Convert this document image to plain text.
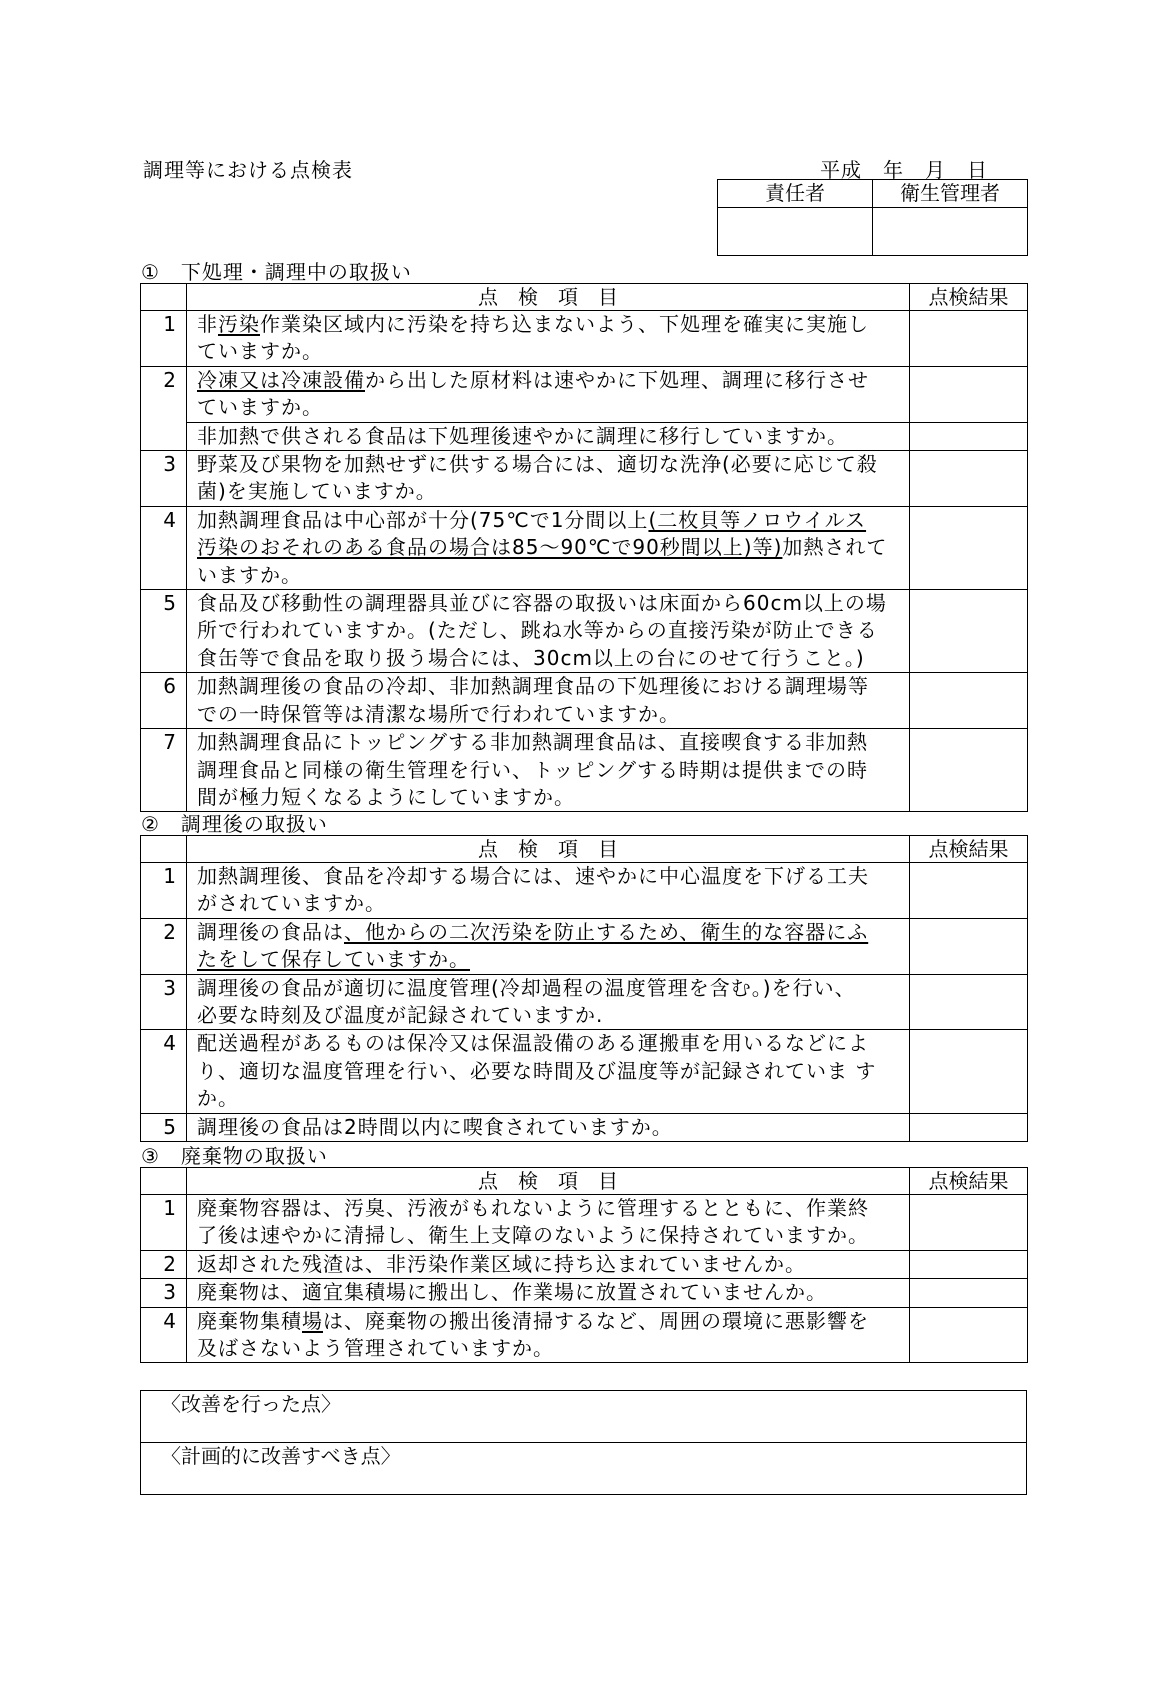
調理等における点検表	平成　年　月　日
責任者	衛生管理者

①　下処理・調理中の取扱い
	点　検　項　目	点検結果
1	非汚染作業染区域内に汚染を持ち込まないよう、下処理を確実に実施し
ていますか。	

2	冷凍又は冷凍設備から出した原材料は速やかに下処理、調理に移行させ
ていますか。	

	非加熱で供される食品は下処理後速やかに調理に移行していますか。	

3	野菜及び果物を加熱せずに供する場合には、適切な洗浄(必要に応じて殺
菌)を実施していますか。	

4	加熱調理食品は中心部が十分(75℃で1分間以上(二枚貝等ノロウイルス
汚染のおそれのある食品の場合は85～90℃で90秒間以上)等)加熱されて
いますか。	

5	食品及び移動性の調理器具並びに容器の取扱いは床面から60cm以上の場
所で行われていますか。(ただし、跳ね水等からの直接汚染が防止できる
食缶等で食品を取り扱う場合には、30cm以上の台にのせて行うこと。)	

6	加熱調理後の食品の冷却、非加熱調理食品の下処理後における調理場等
での一時保管等は清潔な場所で行われていますか。	

7	加熱調理食品にトッピングする非加熱調理食品は、直接喫食する非加熱
調理食品と同様の衛生管理を行い、トッピングする時期は提供までの時
間が極力短くなるようにしていますか。	

②　調理後の取扱い
	点　検　項　目	点検結果
1	加熱調理後、食品を冷却する場合には、速やかに中心温度を下げる工夫
がされていますか。	

2	調理後の食品は、他からの二次汚染を防止するため、衛生的な容器にふ
たをして保存していますか。	

3	調理後の食品が適切に温度管理(冷却過程の温度管理を含む。)を行い、
必要な時刻及び温度が記録されていますか.	

4	配送過程があるものは保冷又は保温設備のある運搬車を用いるなどによ
り、適切な温度管理を行い、必要な時間及び温度等が記録されていま す
か。	

5	調理後の食品は2時間以内に喫食されていますか。	

③　廃棄物の取扱い
	点　検　項　目	点検結果
1	廃棄物容器は、汚臭、汚液がもれないように管理するとともに、作業終
了後は速やかに清掃し、衛生上支障のないように保持されていますか。	

2	返却された残渣は、非汚染作業区域に持ち込まれていませんか。	

3	廃棄物は、適宜集積場に搬出し、作業場に放置されていませんか。	

4	廃棄物集積場は、廃棄物の搬出後清掃するなど、周囲の環境に悪影響を
及ばさないよう管理されていますか。	

〈改善を行った点〉
〈計画的に改善すべき点〉
